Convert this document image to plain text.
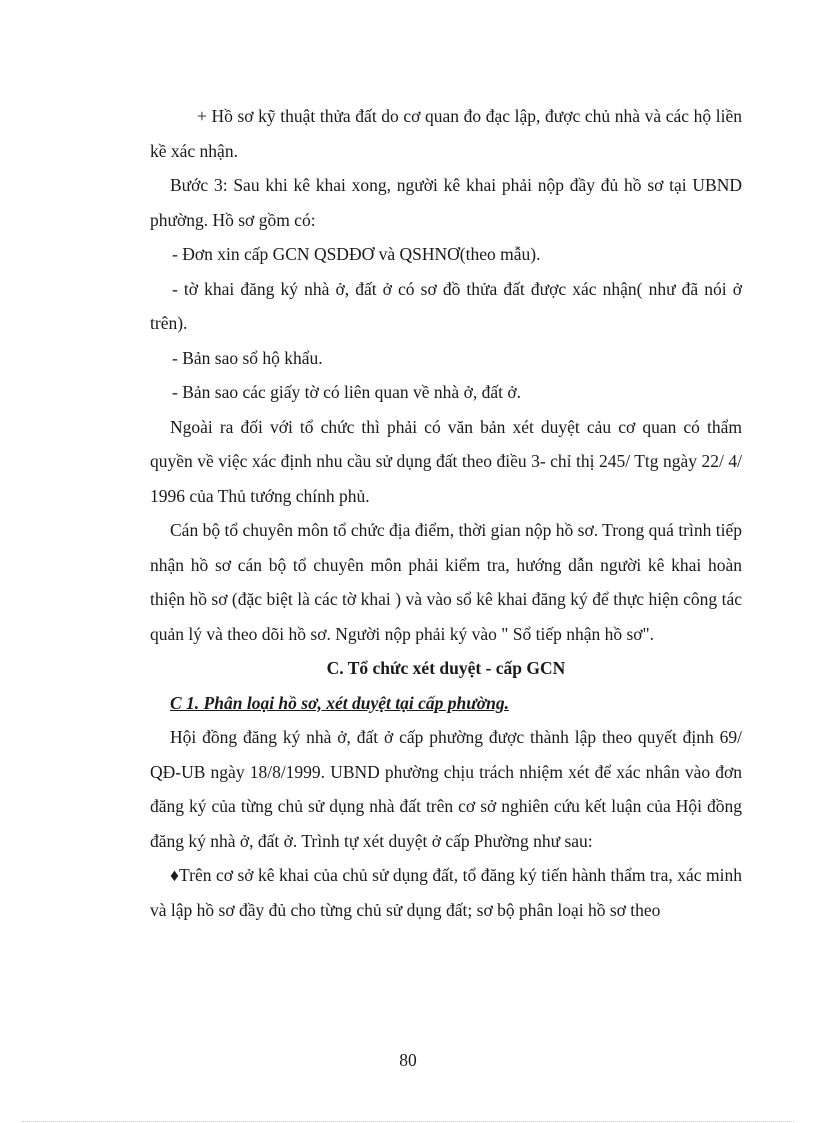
+ Hồ sơ kỹ thuật thửa đất do cơ quan đo đạc lập, được chủ nhà và các hộ liền kề xác nhận.

Bước 3: Sau khi kê khai xong, người kê khai phải nộp đầy đủ hồ sơ tại UBND phường. Hồ sơ gồm có:

- Đơn xin cấp GCN QSDĐƠ và QSHNƠ(theo mẫu).

- tờ khai đăng ký nhà ở, đất ở có sơ đồ thửa đất được xác nhận( như đã nói ở trên).

- Bản sao sổ hộ khẩu.

- Bản sao các giấy tờ có liên quan về nhà ở, đất ở.

Ngoài ra đối với tổ chức thì phải có văn bản xét duyệt cảu cơ quan có thẩm quyền về việc xác định nhu cầu sử dụng đất theo điều 3- chỉ thị 245/ Ttg ngày 22/ 4/ 1996 của Thủ tướng chính phủ.

Cán bộ tổ chuyên môn tổ chức địa điểm, thời gian nộp hồ sơ. Trong quá trình tiếp nhận hồ sơ cán bộ tổ chuyên môn phải kiểm tra, hướng dẫn người kê khai hoàn thiện hồ sơ (đặc biệt là các tờ khai ) và vào sổ kê khai đăng ký để thực hiện công tác quản lý và theo dõi hồ sơ. Người nộp phải ký vào " Sổ tiếp nhận hồ sơ".

C. Tổ chức xét duyệt - cấp GCN

C 1. Phân loại hồ sơ, xét duyệt tại cấp phường.

Hội đồng đăng ký nhà ở, đất ở cấp phường được thành lập theo quyết định 69/ QĐ-UB ngày 18/8/1999. UBND phường chịu trách nhiệm xét để xác nhân vào đơn đăng ký của từng chủ sử dụng nhà đất trên cơ sở nghiên cứu kết luận của Hội đồng đăng ký nhà ở, đất ở. Trình tự xét duyệt ở cấp Phường như sau:

♦Trên cơ sở kê khai của chủ sử dụng đất, tổ đăng ký tiến hành thẩm tra, xác minh và lập hồ sơ đầy đủ cho từng chủ sử dụng đất; sơ bộ phân loại hồ sơ theo

80
